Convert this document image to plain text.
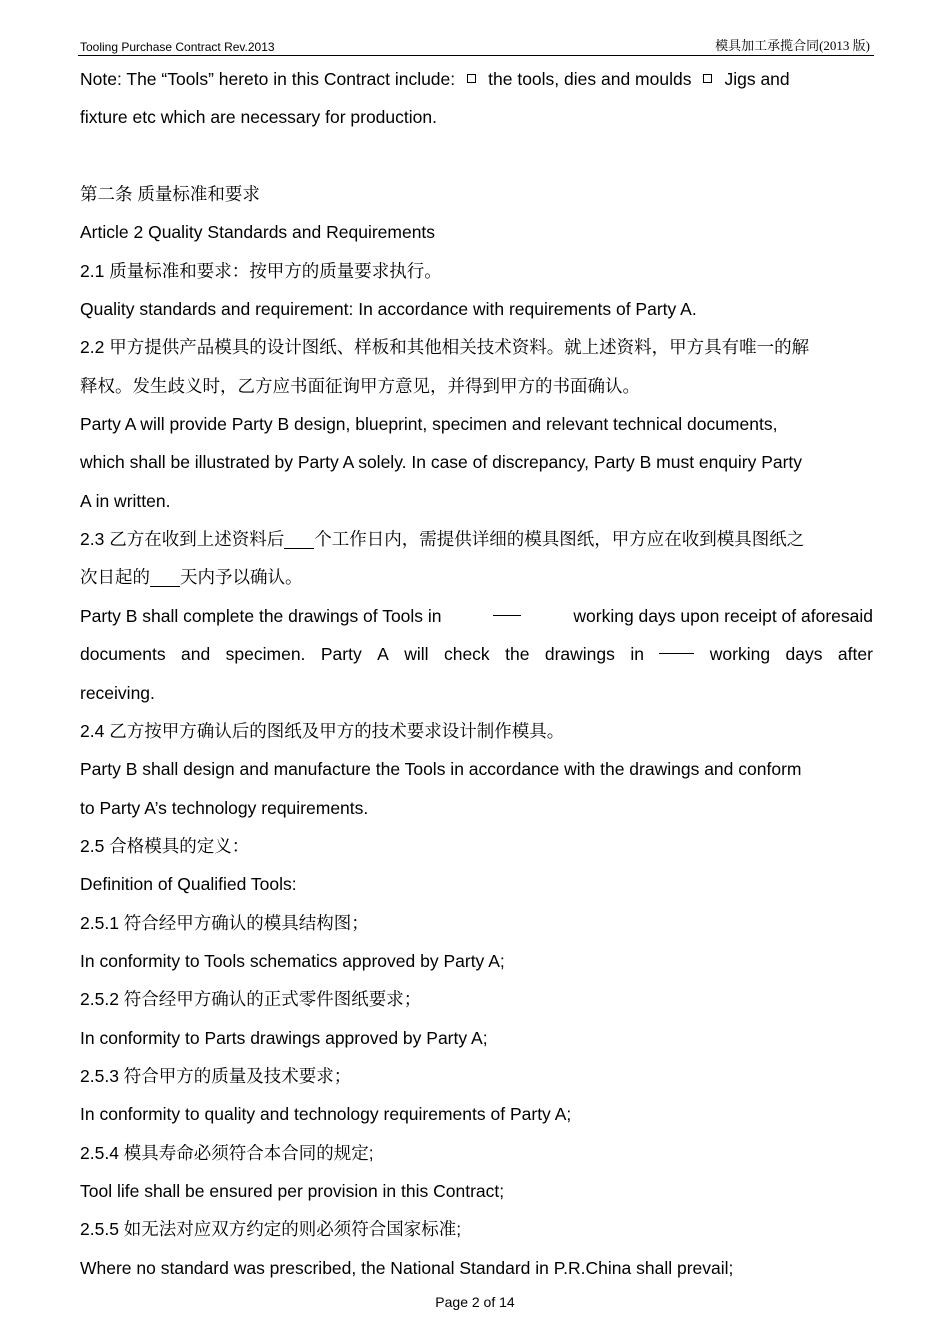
Tooling Purchase Contract Rev.2013	模具加工承揽合同(2013 版)
Note: The “Tools” hereto in this Contract include: the tools, dies and moulds Jigs and
fixture etc which are necessary for production.
第二条 质量标准和要求
Article 2 Quality Standards and Requirements
2.1 质量标准和要求：按甲方的质量要求执行。
Quality standards and requirement: In accordance with requirements of Party A.
2.2 甲方提供产品模具的设计图纸、样板和其他相关技术资料。就上述资料，甲方具有唯一的解
释权。发生歧义时，乙方应书面征询甲方意见，并得到甲方的书面确认。
Party A will provide Party B design, blueprint, specimen and relevant technical documents,
which shall be illustrated by Party A solely. In case of discrepancy, Party B must enquiry Party
A in written.
2.3 乙方在收到上述资料后 个工作日内，需提供详细的模具图纸，甲方应在收到模具图纸之
次日起的 天内予以确认。
Party B shall complete the drawings of Tools in	working days upon receipt of aforesaid
documents and specimen. Party A will check the drawings in	working days after
receiving.
2.4 乙方按甲方确认后的图纸及甲方的技术要求设计制作模具。
Party B shall design and manufacture the Tools in accordance with the drawings and conform
to Party A’s technology requirements.
2.5 合格模具的定义：
Definition of Qualified Tools:
2.5.1 符合经甲方确认的模具结构图；
In conformity to Tools schematics approved by Party A;
2.5.2 符合经甲方确认的正式零件图纸要求；
In conformity to Parts drawings approved by Party A;
2.5.3 符合甲方的质量及技术要求；
In conformity to quality and technology requirements of Party A;
2.5.4 模具寿命必须符合本合同的规定;
Tool life shall be ensured per provision in this Contract;
2.5.5 如无法对应双方约定的则必须符合国家标准;
Where no standard was prescribed, the National Standard in P.R.China shall prevail;
Page 2 of 14
